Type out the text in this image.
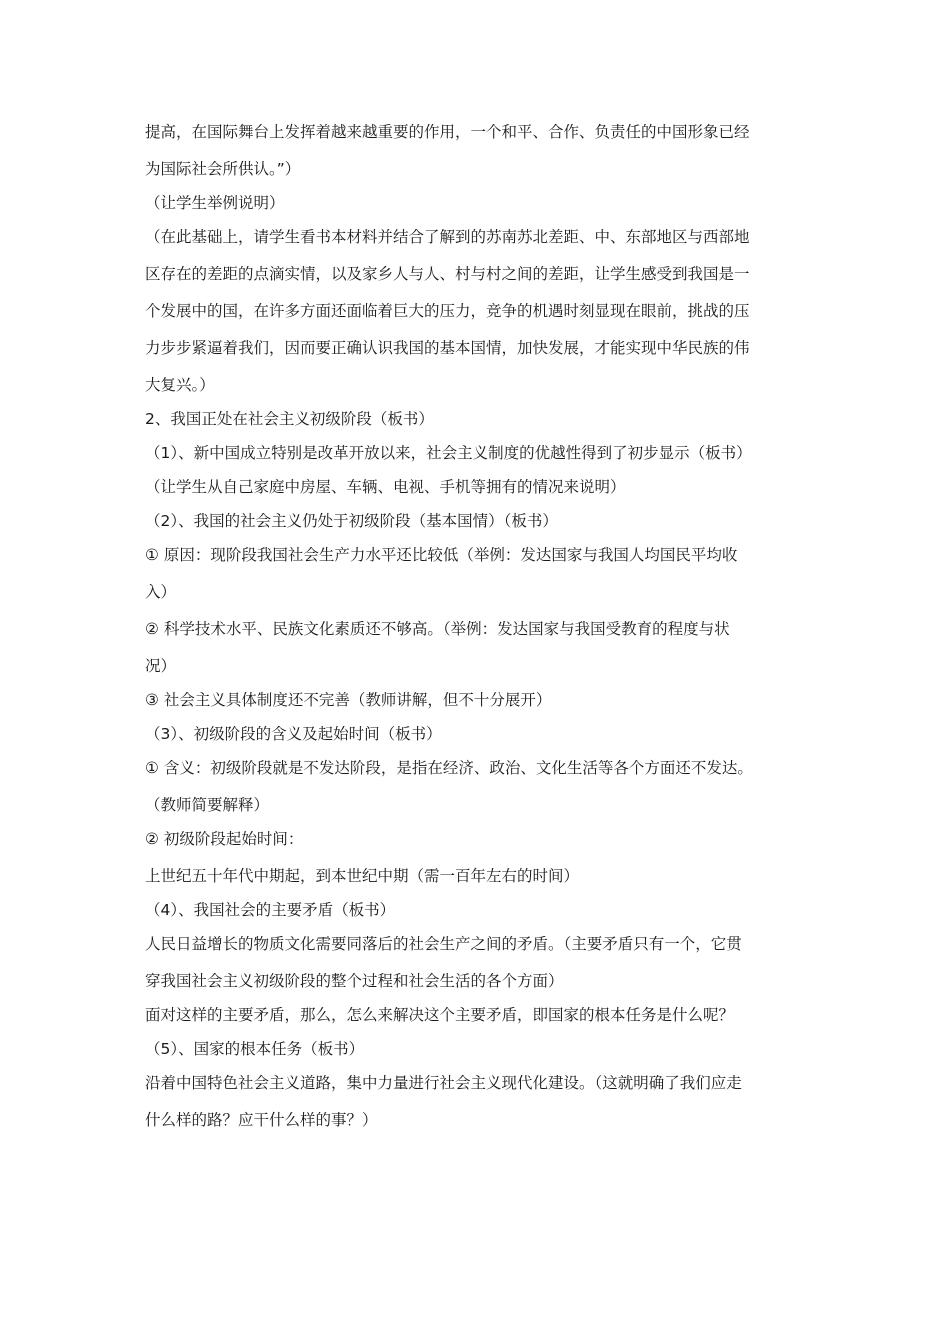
提高，在国际舞台上发挥着越来越重要的作用，一个和平、合作、负责任的中国形象已经
为国际社会所供认。”）
（让学生举例说明）
（在此基础上，请学生看书本材料并结合了解到的苏南苏北差距、中、东部地区与西部地
区存在的差距的点滴实情，以及家乡人与人、村与村之间的差距，让学生感受到我国是一
个发展中的国，在许多方面还面临着巨大的压力，竞争的机遇时刻显现在眼前，挑战的压
力步步紧逼着我们，因而要正确认识我国的基本国情，加快发展，才能实现中华民族的伟
大复兴。）
2、我国正处在社会主义初级阶段（板书）
（1）、新中国成立特别是改革开放以来，社会主义制度的优越性得到了初步显示（板书）
（让学生从自己家庭中房屋、车辆、电视、手机等拥有的情况来说明）
（2）、我国的社会主义仍处于初级阶段（基本国情）（板书）
① 原因：现阶段我国社会生产力水平还比较低（举例：发达国家与我国人均国民平均收
入）
② 科学技术水平、民族文化素质还不够高。（举例：发达国家与我国受教育的程度与状
况）
③ 社会主义具体制度还不完善（教师讲解，但不十分展开）
（3）、初级阶段的含义及起始时间（板书）
① 含义：初级阶段就是不发达阶段，是指在经济、政治、文化生活等各个方面还不发达。
（教师简要解释）
② 初级阶段起始时间：
上世纪五十年代中期起，到本世纪中期（需一百年左右的时间）
（4）、我国社会的主要矛盾（板书）
人民日益增长的物质文化需要同落后的社会生产之间的矛盾。（主要矛盾只有一个，它贯
穿我国社会主义初级阶段的整个过程和社会生活的各个方面）
面对这样的主要矛盾，那么，怎么来解决这个主要矛盾，即国家的根本任务是什么呢？
（5）、国家的根本任务（板书）
沿着中国特色社会主义道路，集中力量进行社会主义现代化建设。（这就明确了我们应走
什么样的路？应干什么样的事？）
